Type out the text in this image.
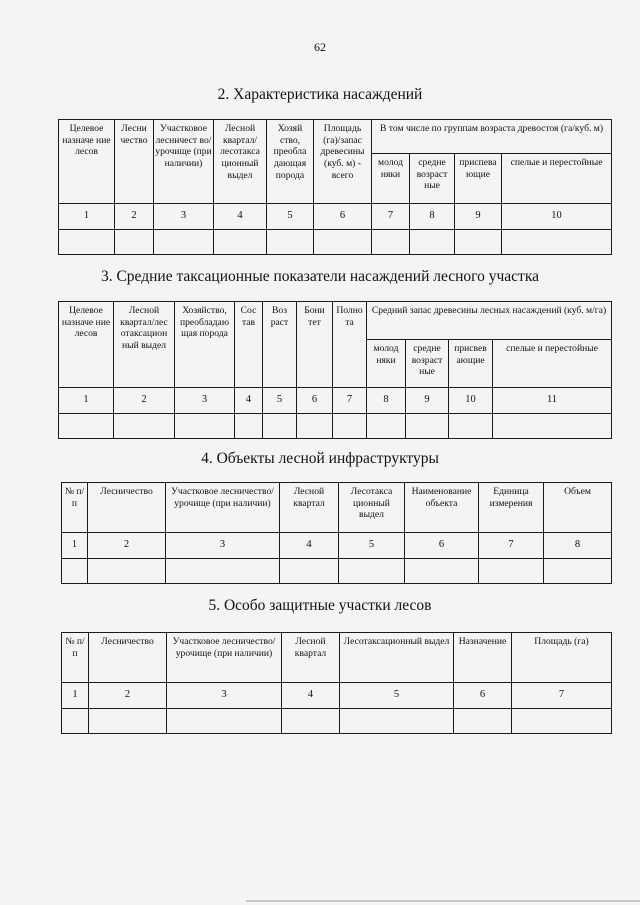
62
2. Характеристика насаждений
Целевое назначе ние лесов	Лесни чество	Участковое лесничест во/урочище (при наличии)	Лесной квартал/ лесотакса ционный выдел	Хозяй ство, преобла дающая порода	Площадь (га)/запас древесины (куб. м) - всего	В том числе по группам возраста древостоя (га/куб. м)			
						молод няки	средне возраст ные	приспева ющие	спелые и перестойные
1	2	3	4	5	6	7	8	9	10

3. Средние таксационные показатели насаждений лесного участка
Целевое назначе ние лесов	Лесной квартал/лес отаксацион ный выдел	Хозяйство, преобладаю щая порода	Сос тав	Воз раст	Бони тет	Полно та	Средний запас древесины лесных насаждений (куб. м/га)			
							молод няки	средне возраст ные	присвев ающие	спелые и перестойные
1	2	3	4	5	6	7	8	9	10	11

4. Объекты лесной инфраструктуры
№ п/п	Лесничество	Участковое лесничество/ урочище (при наличии)	Лесной квартал	Лесотакса ционный выдел	Наименование объекта	Единица измерения	Объем
1	2	3	4	5	6	7	8

5. Особо защитные участки лесов
№ п/п	Лесничество	Участковое лесничество/урочище (при наличии)	Лесной квартал	Лесотаксационный выдел	Назначение	Площадь (га)
1	2	3	4	5	6	7
